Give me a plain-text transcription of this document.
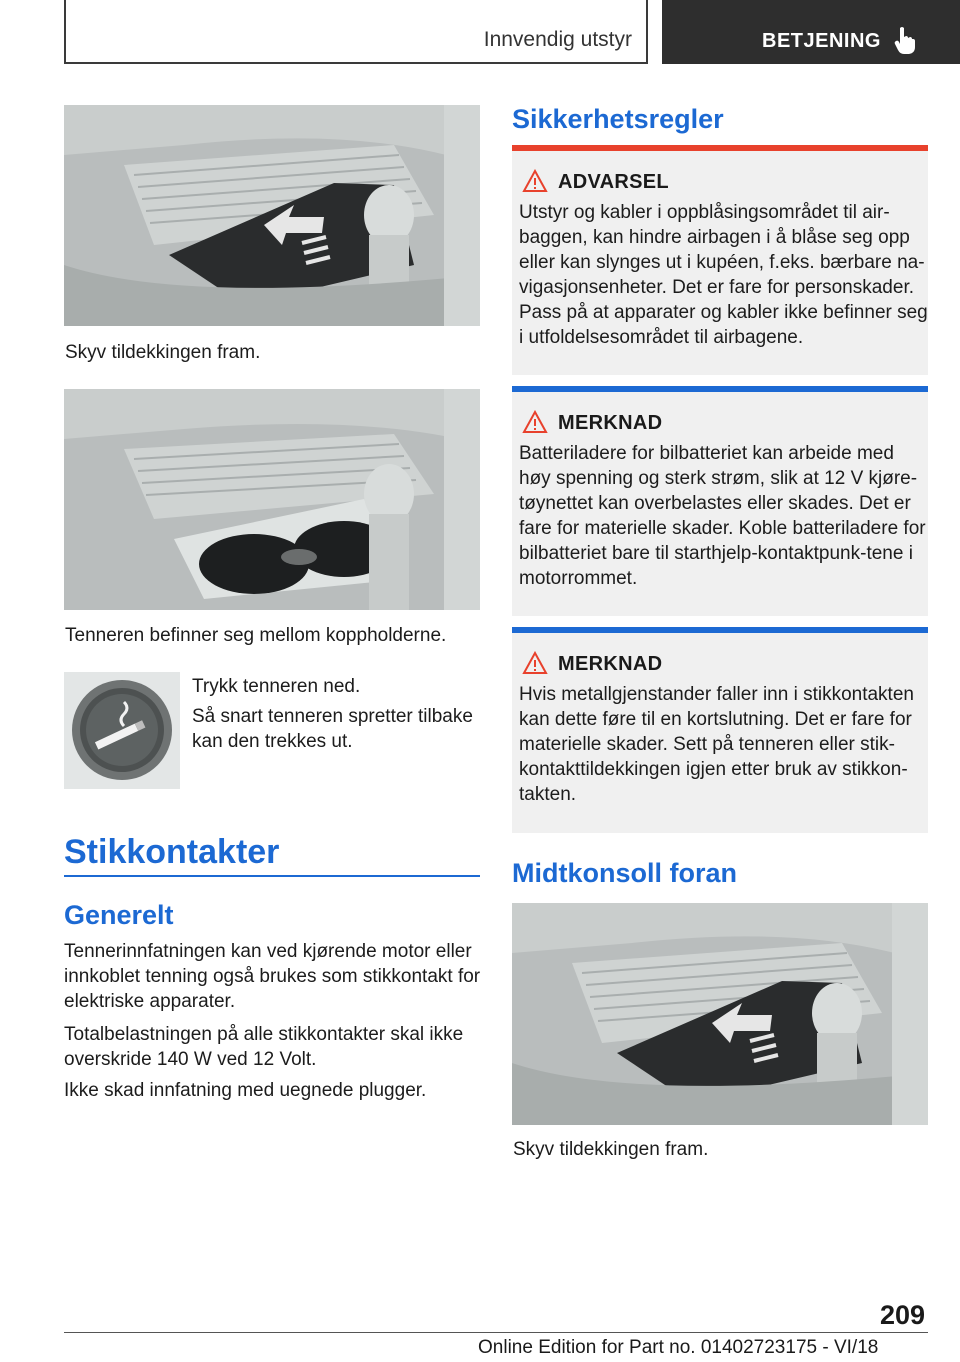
Innvendig utstyr	BETJENING
Skyv tildekkingen fram.
Tenneren befinner seg mellom koppholderne.
Trykk tenneren ned.
Så snart tenneren spretter tilbake kan den trekkes ut.
Stikkontakter
Generelt

Tennerinnfatningen kan ved kjørende motor eller innkoblet tenning også brukes som stikkontakt for elektriske apparater.

Totalbelastningen på alle stikkontakter skal ikke overskride 140 W ved 12 Volt.

Ikke skad innfatning med uegnede plugger.

Sikkerhetsregler
ADVARSEL
Utstyr og kabler i oppblåsingsområdet til air-baggen, kan hindre airbagen i å blåse seg opp eller kan slynges ut i kupéen, f.eks. bærbare na-vigasjonsenheter. Det er fare for personskader. Pass på at apparater og kabler ikke befinner seg i utfoldelsesområdet til airbagene.
MERKNAD
Batteriladere for bilbatteriet kan arbeide med høy spenning og sterk strøm, slik at 12 V kjøre-tøynettet kan overbelastes eller skades. Det er fare for materielle skader. Koble batteriladere for bilbatteriet bare til starthjelp-kontaktpunk-tene i motorrommet.
MERKNAD
Hvis metallgjenstander faller inn i stikkontakten kan dette føre til en kortslutning. Det er fare for materielle skader. Sett på tenneren eller stik-kontakttildekkingen igjen etter bruk av stikkon-takten.
Midtkonsoll foran
Skyv tildekkingen fram.
209
Online Edition for Part no. 01402723175 - VI/18
